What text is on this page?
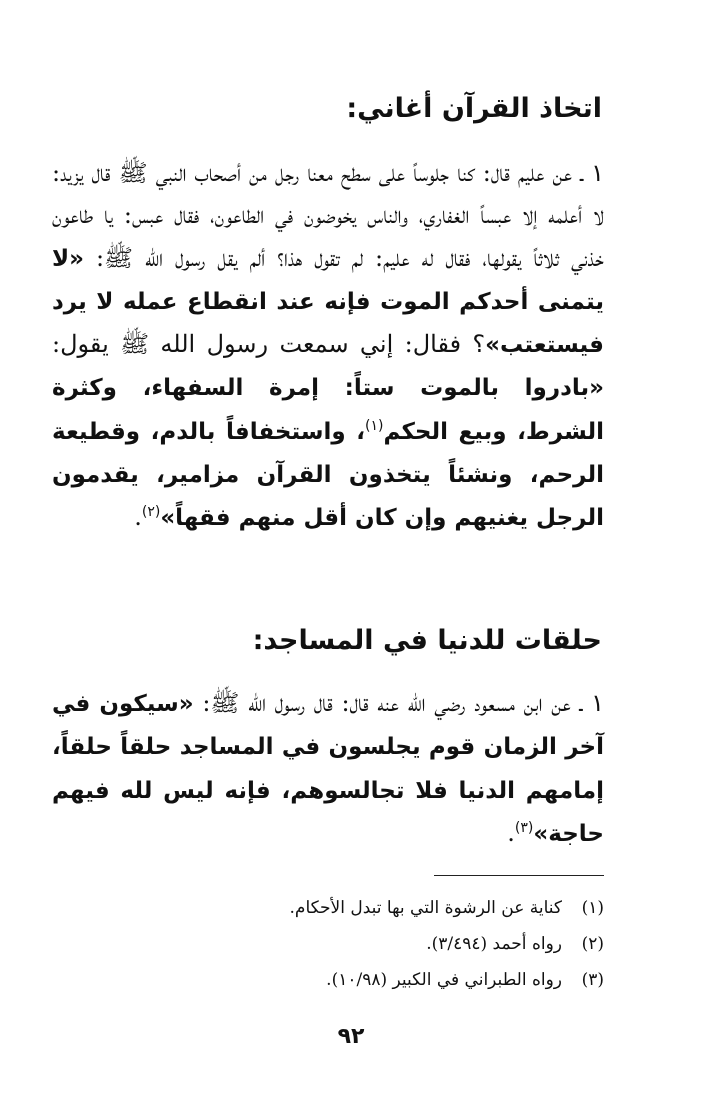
اتخاذ القرآن أغاني:
١ ـ عن عليم قال: كنا جلوساً على سطح معنا رجل من أصحاب النبي ﷺ قال يزيد: لا أعلمه إلا عبساً الغفاري، والناس يخوضون في الطاعون، فقال عبس: يا طاعون خذني ثلاثاً يقولها، فقال له عليم: لم تقول هذا؟ ألم يقل رسول الله ﷺ: «لا يتمنى أحدكم الموت فإنه عند انقطاع عمله لا يرد فيستعتب»؟ فقال: إني سمعت رسول الله ﷺ يقول: «بادروا بالموت ستاً: إمرة السفهاء، وكثرة الشرط، وبيع الحكم$^{(١)}$، واستخفافاً بالدم، وقطيعة الرحم، ونشئاً يتخذون القرآن مزامير، يقدمون الرجل يغنيهم وإن كان أقل منهم فقهاً»$^{(٢)}$.
حلقات للدنيا في المساجد:
١ ـ عن ابن مسعود رضي الله عنه قال: قال رسول الله ﷺ: «سيكون في آخر الزمان قوم يجلسون في المساجد حلقاً حلقاً، إمامهم الدنيا فلا تجالسوهم، فإنه ليس لله فيهم حاجة»$^{(٣)}$.
(١)كناية عن الرشوة التي بها تبدل الأحكام.
(٢)رواه أحمد (٣/٤٩٤).
(٣)رواه الطبراني في الكبير (١٠/٩٨).
٩٢
